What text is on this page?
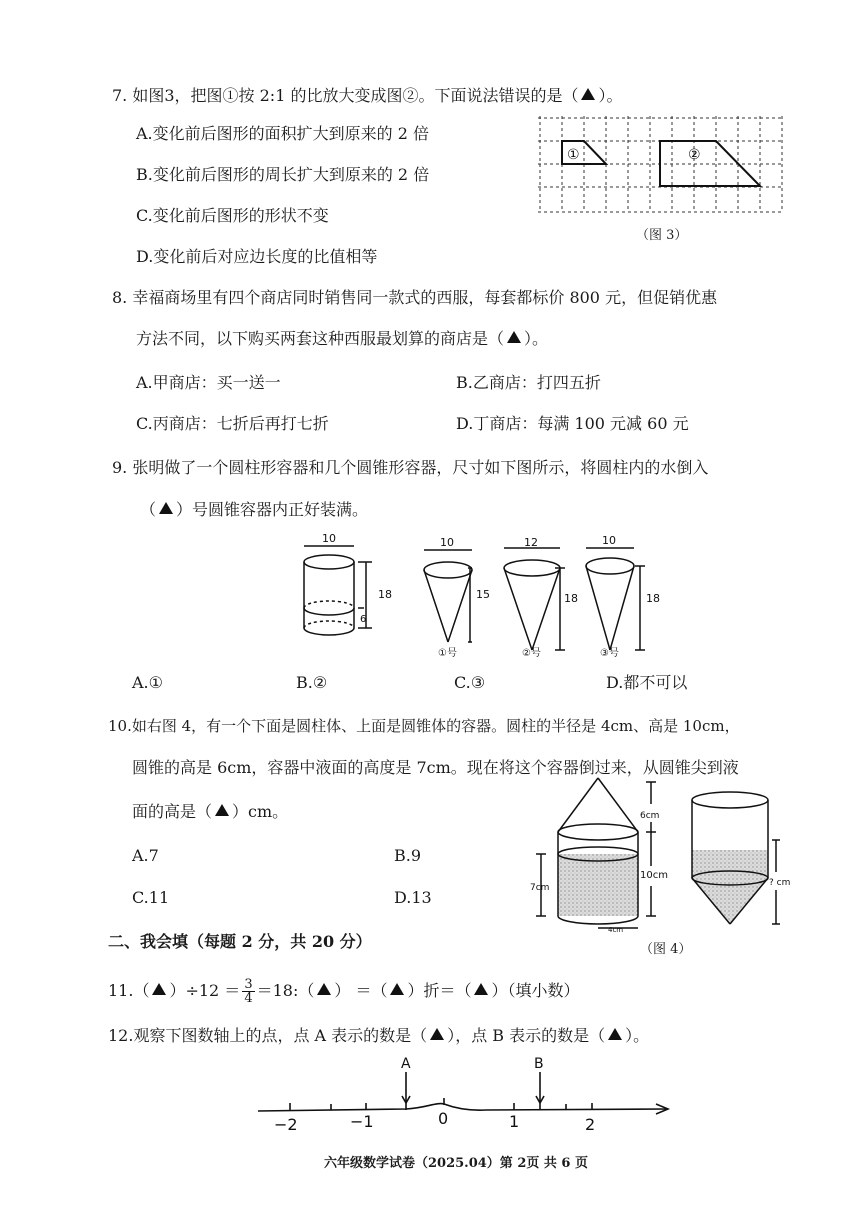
7. 如图3，把图①按 2:1 的比放大变成图②。下面说法错误的是（ ）。
A.变化前后图形的面积扩大到原来的 2 倍
B.变化前后图形的周长扩大到原来的 2 倍
C.变化前后图形的形状不变
D.变化前后对应边长度的比值相等
①	②
（图 3）
8. 幸福商场里有四个商店同时销售同一款式的西服，每套都标价 800 元，但促销优惠
方法不同，以下购买两套这种西服最划算的商店是（ ）。
A.甲商店：买一送一	B.乙商店：打四五折
C.丙商店：七折后再打七折	D.丁商店：每满 100 元减 60 元
9. 张明做了一个圆柱形容器和几个圆锥形容器，尺寸如下图所示，将圆柱内的水倒入
（ ）号圆锥容器内正好装满。
10
18
6
10
15
①号
12
18
②号
10
18
③号
A.①	B.②	C.③	D.都不可以
10.如右图 4，有一个下面是圆柱体、上面是圆锥体的容器。圆柱的半径是 4cm、高是 10cm，
圆锥的高是 6cm，容器中液面的高度是 7cm。现在将这个容器倒过来，从圆锥尖到液
面的高是（ ）cm。
A.7	B.9
C.11	D.13
6cm
10cm
7cm
4cm
? cm
（图 4）
二、我会填（每题 2 分，共 20 分）
11.（ ）$\div 12 = \frac{3}{4}$ ＝18:（ ） ＝（ ）折＝（ ）（填小数）
12.观察下图数轴上的点，点 A 表示的数是（ ），点 B 表示的数是（ ）。
A	B
−2	−1	0	1	2
六年级数学试卷（2025.04）第 2页 共 6 页
